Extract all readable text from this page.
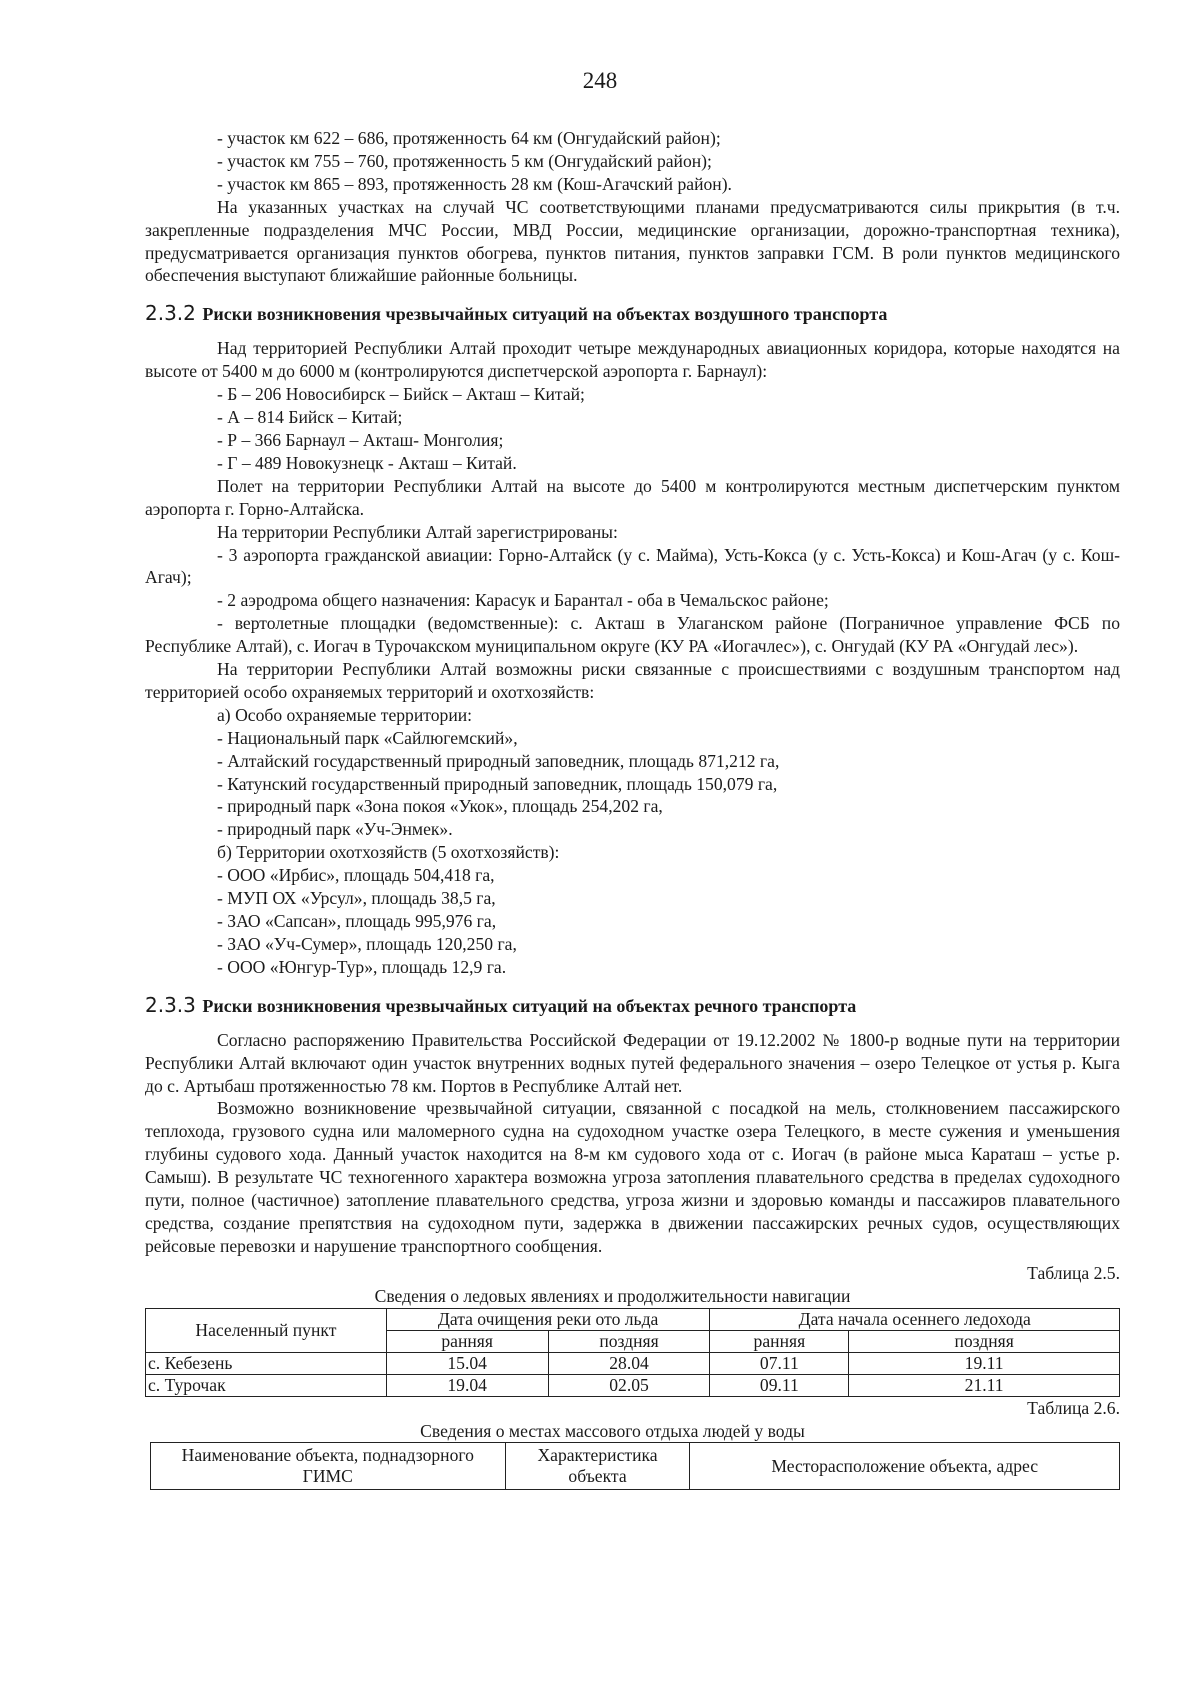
248

- участок км 622 – 686, протяженность 64 км (Онгудайский район);

- участок км 755 – 760, протяженность 5 км (Онгудайский район);

- участок км 865 – 893, протяженность 28 км (Кош-Агачский район).

На указанных участках на случай ЧС соответствующими планами предусматриваются силы прикрытия (в т.ч. закрепленные подразделения МЧС России, МВД России, медицинские организации, дорожно-транспортная техника), предусматривается организация пунктов обогрева, пунктов питания, пунктов заправки ГСМ. В роли пунктов медицинского обеспечения выступают ближайшие районные больницы.

2.3.2 Риски возникновения чрезвычайных ситуаций на объектах воздушного транспорта

Над территорией Республики Алтай проходит четыре международных авиационных коридора, которые находятся на высоте от 5400 м до 6000 м (контролируются диспетчерской аэропорта г. Барнаул):

- Б – 206 Новосибирск – Бийск – Акташ – Китай;

- А – 814 Бийск – Китай;

- Р – 366 Барнаул – Акташ- Монголия;

- Г – 489 Новокузнецк - Акташ – Китай.

Полет на территории Республики Алтай на высоте до 5400 м контролируются местным диспетчерским пунктом аэропорта г. Горно-Алтайска.

На территории Республики Алтай зарегистрированы:

- 3 аэропорта гражданской авиации: Горно-Алтайск (у с. Майма), Усть-Кокса (у с. Усть-Кокса) и Кош-Агач (у с. Кош-Агач);

- 2 аэродрома общего назначения: Карасук и Барантал - оба в Чемальскос районе;

- вертолетные площадки (ведомственные): с. Акташ в Улаганском районе (Пограничное управление ФСБ по Республике Алтай), с. Иогач в Турочакском муниципальном округе (КУ РА «Иогачлес»), с. Онгудай (КУ РА «Онгудай лес»).

На территории Республики Алтай возможны риски связанные с происшествиями с воздушным транспортом над территорией особо охраняемых территорий и охотхозяйств:

а) Особо охраняемые территории:

- Национальный парк «Сайлюгемский»,

- Алтайский государственный природный заповедник, площадь 871,212 га,

- Катунский государственный природный заповедник, площадь 150,079 га,

- природный парк «Зона покоя «Укок», площадь 254,202 га,

- природный парк «Уч-Энмек».

б) Территории охотхозяйств (5 охотхозяйств):

- ООО «Ирбис», площадь 504,418 га,

- МУП ОХ «Урсул», площадь 38,5 га,

- ЗАО «Сапсан», площадь 995,976 га,

- ЗАО «Уч-Сумер», площадь 120,250 га,

- ООО «Юнгур-Тур», площадь 12,9 га.

2.3.3 Риски возникновения чрезвычайных ситуаций на объектах речного транспорта

Согласно распоряжению Правительства Российской Федерации от 19.12.2002 № 1800-р водные пути на территории Республики Алтай включают один участок внутренних водных путей федерального значения – озеро Телецкое от устья р. Кыга до с. Артыбаш протяженностью 78 км. Портов в Республике Алтай нет.

Возможно возникновение чрезвычайной ситуации, связанной с посадкой на мель, столкновением пассажирского теплохода, грузового судна или маломерного судна на судоходном участке озера Телецкого, в месте сужения и уменьшения глубины судового хода. Данный участок находится на 8-м км судового хода от с. Иогач (в районе мыса Караташ – устье р. Самыш). В результате ЧС техногенного характера возможна угроза затопления плавательного средства в пределах судоходного пути, полное (частичное) затопление плавательного средства, угроза жизни и здоровью команды и пассажиров плавательного средства, создание препятствия на судоходном пути, задержка в движении пассажирских речных судов, осуществляющих рейсовые перевозки и нарушение транспортного сообщения.

Таблица 2.5.

Сведения о ледовых явлениях и продолжительности навигации

Населенный пункт	Дата очищения реки ото льда		Дата начала осеннего ледохода	
	ранняя	поздняя	ранняя	поздняя
с. Кебезень	15.04	28.04	07.11	19.11
с. Турочак	19.04	02.05	09.11	21.11

Таблица 2.6.

Сведения о местах массового отдыха людей у воды

Наименование объекта, поднадзорного ГИМС	Характеристика объекта	Месторасположение объекта, адрес
